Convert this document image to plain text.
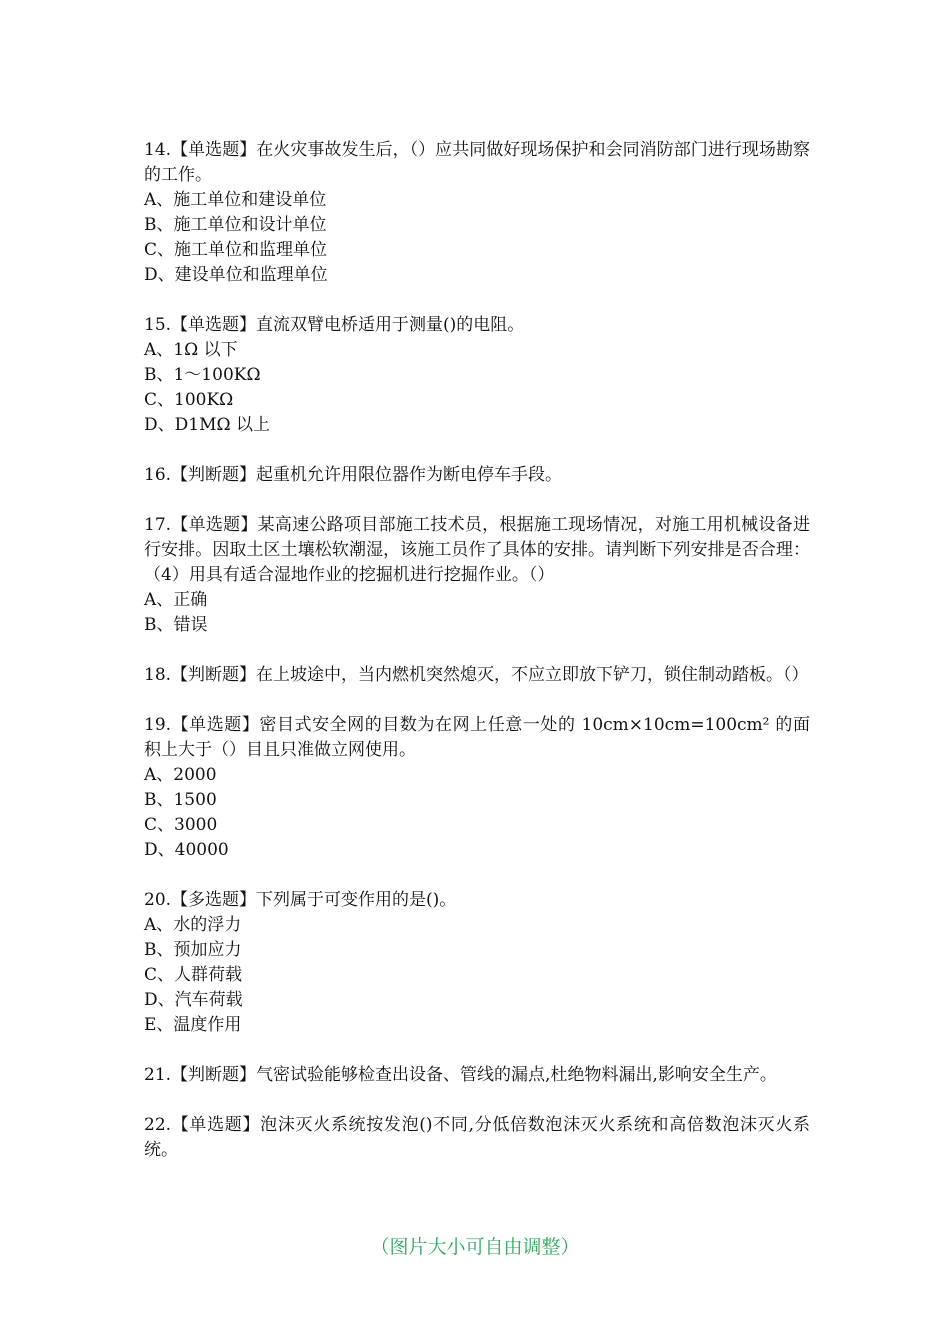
14.【单选题】在火灾事故发生后，（）应共同做好现场保护和会同消防部门进行现场勘察的工作。

A、施工单位和建设单位

B、施工单位和设计单位

C、施工单位和监理单位

D、建设单位和监理单位

15.【单选题】直流双臂电桥适用于测量()的电阻。

A、1Ω 以下

B、1～100KΩ

C、100KΩ

D、D1MΩ 以上

16.【判断题】起重机允许用限位器作为断电停车手段。

17.【单选题】某高速公路项目部施工技术员，根据施工现场情况，对施工用机械设备进行安排。因取土区土壤松软潮湿，该施工员作了具体的安排。请判断下列安排是否合理：（4）用具有适合湿地作业的挖掘机进行挖掘作业。（）

A、正确

B、错误

18.【判断题】在上坡途中，当内燃机突然熄灭，不应立即放下铲刀，锁住制动踏板。（）

19.【单选题】密目式安全网的目数为在网上任意一处的 10cm×10cm=100cm² 的面积上大于（）目且只准做立网使用。

A、2000

B、1500

C、3000

D、40000

20.【多选题】下列属于可变作用的是()。

A、水的浮力

B、预加应力

C、人群荷载

D、汽车荷载

E、温度作用

21.【判断题】气密试验能够检查出设备、管线的漏点,杜绝物料漏出,影响安全生产。

22.【单选题】泡沫灭火系统按发泡()不同,分低倍数泡沫灭火系统和高倍数泡沫灭火系统。

（图片大小可自由调整）
